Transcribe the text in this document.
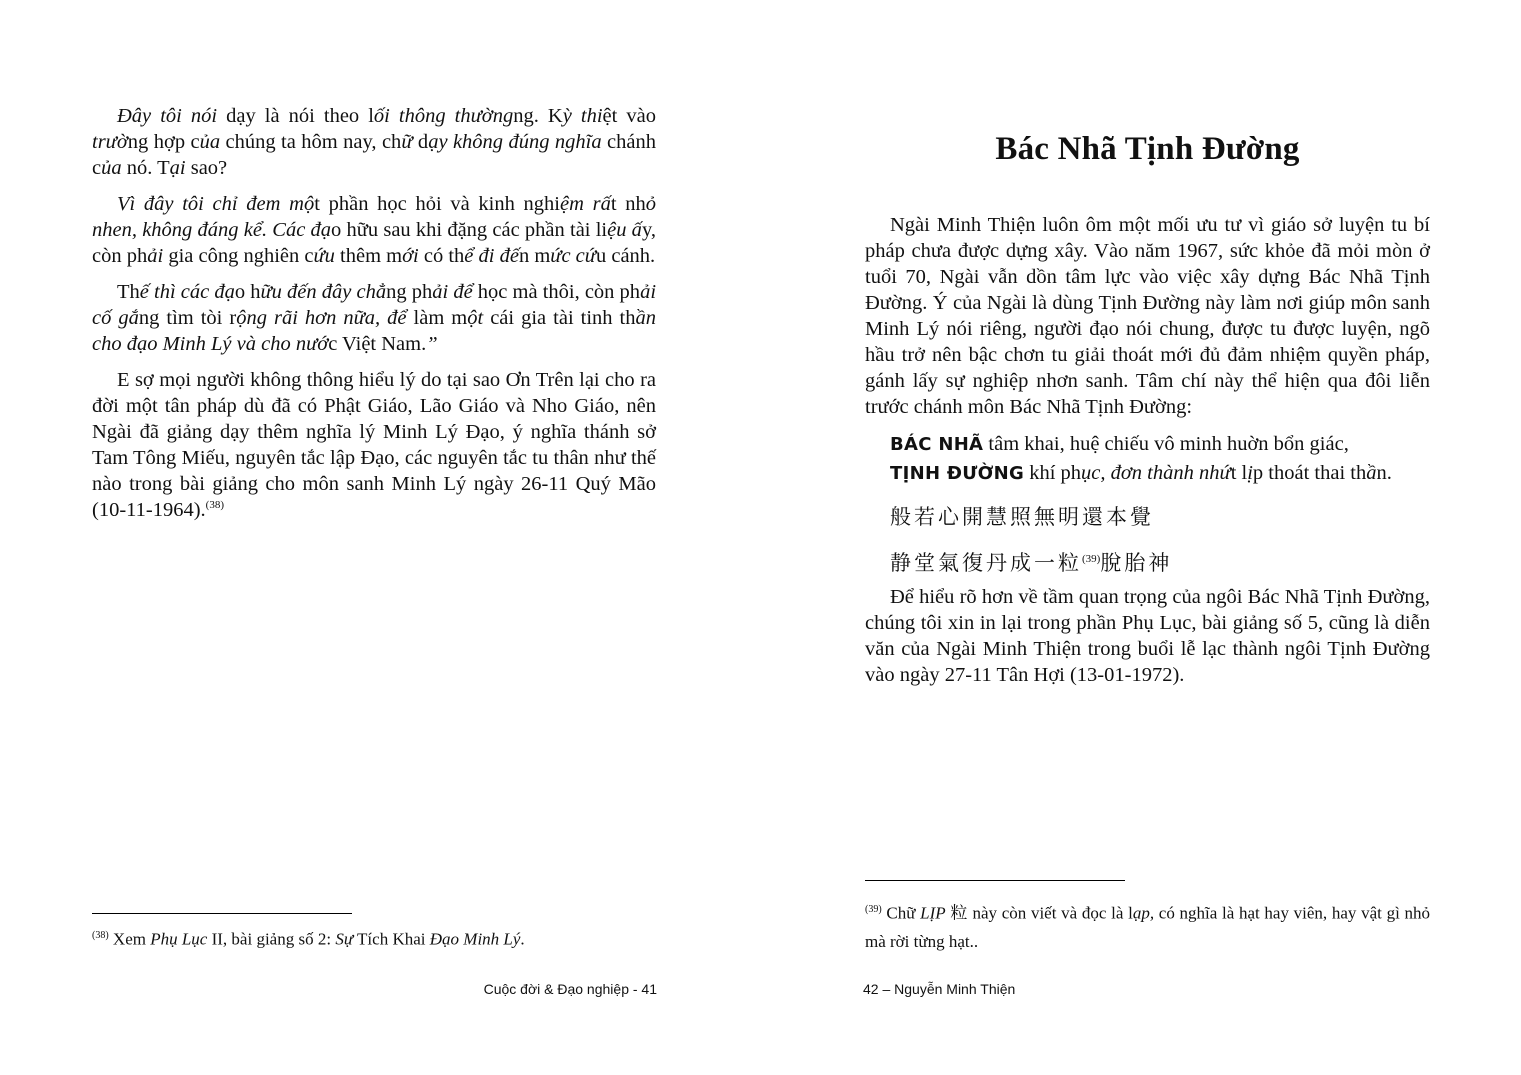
Đây tôi nói dạy là nói theo lối thông thườngng. Kỳ thiệt vào trường hợp của chúng ta hôm nay, chữ dạy không đúng nghĩa chánh của nó. Tại sao?

Vì đây tôi chỉ đem một phần học hỏi và kinh nghiệm rất nhỏ nhen, không đáng kể. Các đạo hữu sau khi đặng các phần tài liệu ấy, còn phải gia công nghiên cứu thêm mới có thể đi đến mức cứu cánh.

Thế thì các đạo hữu đến đây chẳng phải để học mà thôi, còn phải cố gắng tìm tòi rộng rãi hơn nữa, để làm một cái gia tài tinh thần cho đạo Minh Lý và cho nước Việt Nam.”

E sợ mọi người không thông hiểu lý do tại sao Ơn Trên lại cho ra đời một tân pháp dù đã có Phật Giáo, Lão Giáo và Nho Giáo, nên Ngài đã giảng dạy thêm nghĩa lý Minh Lý Đạo, ý nghĩa thánh sở Tam Tông Miếu, nguyên tắc lập Đạo, các nguyên tắc tu thân như thế nào trong bài giảng cho môn sanh Minh Lý ngày 26-11 Quý Mão (10-11-1964).$^{(38)}$

$^{(38)}$ Xem Phụ Lục II, bài giảng số 2: Sự Tích Khai Đạo Minh Lý.
Cuộc đời & Đạo nghiệp - 41
Bác Nhã Tịnh Đường

Ngài Minh Thiện luôn ôm một mối ưu tư vì giáo sở luyện tu bí pháp chưa được dựng xây. Vào năm 1967, sức khỏe đã mỏi mòn ở tuổi 70, Ngài vẫn dồn tâm lực vào việc xây dựng Bác Nhã Tịnh Đường. Ý của Ngài là dùng Tịnh Đường này làm nơi giúp môn sanh Minh Lý nói riêng, người đạo nói chung, được tu được luyện, ngõ hầu trở nên bậc chơn tu giải thoát mới đủ đảm nhiệm quyền pháp, gánh lấy sự nghiệp nhơn sanh. Tâm chí này thể hiện qua đôi liễn trước chánh môn Bác Nhã Tịnh Đường:

BÁC NHÃ tâm khai, huệ chiếu vô minh huờn bổn giác,
TỊNH ĐƯỜNG khí phục, đơn thành nhứt lịp thoát thai thần.
般若心開慧照無明還本覺
静堂氣復丹成一粒$^{(39)}$脫胎神

Để hiểu rõ hơn về tầm quan trọng của ngôi Bác Nhã Tịnh Đường, chúng tôi xin in lại trong phần Phụ Lục, bài giảng số 5, cũng là diễn văn của Ngài Minh Thiện trong buổi lễ lạc thành ngôi Tịnh Đường vào ngày 27-11 Tân Hợi (13-01-1972).

$^{(39)}$ Chữ LỊP 粒 này còn viết và đọc là lạp, có nghĩa là hạt hay viên, hay vật gì nhỏ mà rời từng hạt..
42 – Nguyễn Minh Thiện
